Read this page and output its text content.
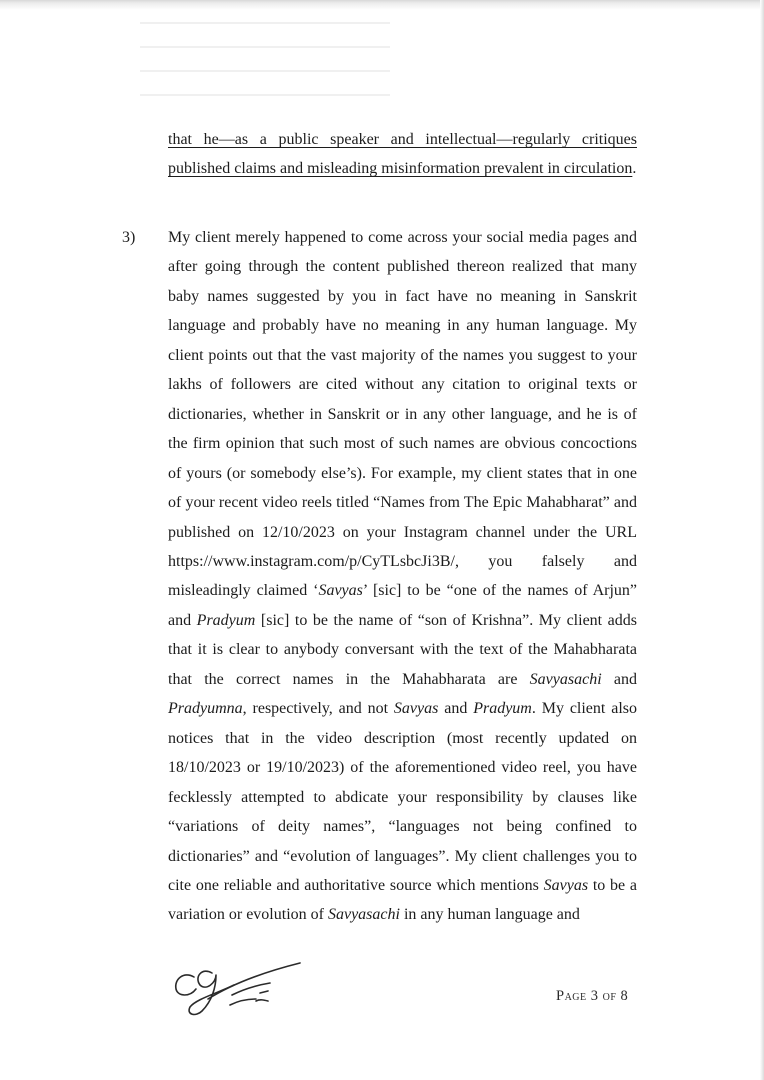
that he—as a public speaker and intellectual—regularly critiques published claims and misleading misinformation prevalent in circulation.

3) My client merely happened to come across your social media pages and after going through the content published thereon realized that many baby names suggested by you in fact have no meaning in Sanskrit language and probably have no meaning in any human language. My client points out that the vast majority of the names you suggest to your lakhs of followers are cited without any citation to original texts or dictionaries, whether in Sanskrit or in any other language, and he is of the firm opinion that such most of such names are obvious concoctions of yours (or somebody else’s). For example, my client states that in one of your recent video reels titled “Names from The Epic Mahabharat” and published on 12/10/2023 on your Instagram channel under the URL https://www.instagram.com/p/CyTLsbcJi3B/, you falsely and misleadingly claimed ‘Savyas’ [sic] to be “one of the names of Arjun” and Pradyum [sic] to be the name of “son of Krishna”. My client adds that it is clear to anybody conversant with the text of the Mahabharata that the correct names in the Mahabharata are Savyasachi and Pradyumna, respectively, and not Savyas and Pradyum. My client also notices that in the video description (most recently updated on 18/10/2023 or 19/10/2023) of the aforementioned video reel, you have fecklessly attempted to abdicate your responsibility by clauses like “variations of deity names”, “languages not being confined to dictionaries” and “evolution of languages”. My client challenges you to cite one reliable and authoritative source which mentions Savyas to be a variation or evolution of Savyasachi in any human language and

Page 3 of 8
